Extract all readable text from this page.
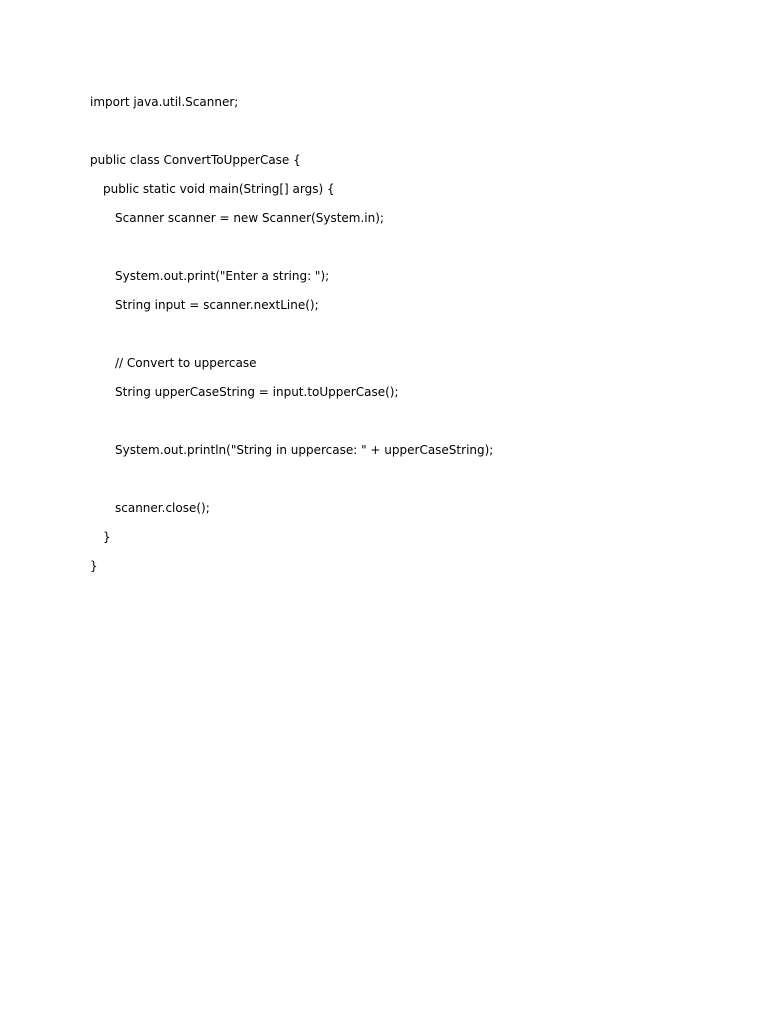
import java.util.Scanner;
public class ConvertToUpperCase {
public static void main(String[] args) {
Scanner scanner = new Scanner(System.in);
System.out.print("Enter a string: ");
String input = scanner.nextLine();
// Convert to uppercase
String upperCaseString = input.toUpperCase();
System.out.println("String in uppercase: " + upperCaseString);
scanner.close();
}
}
